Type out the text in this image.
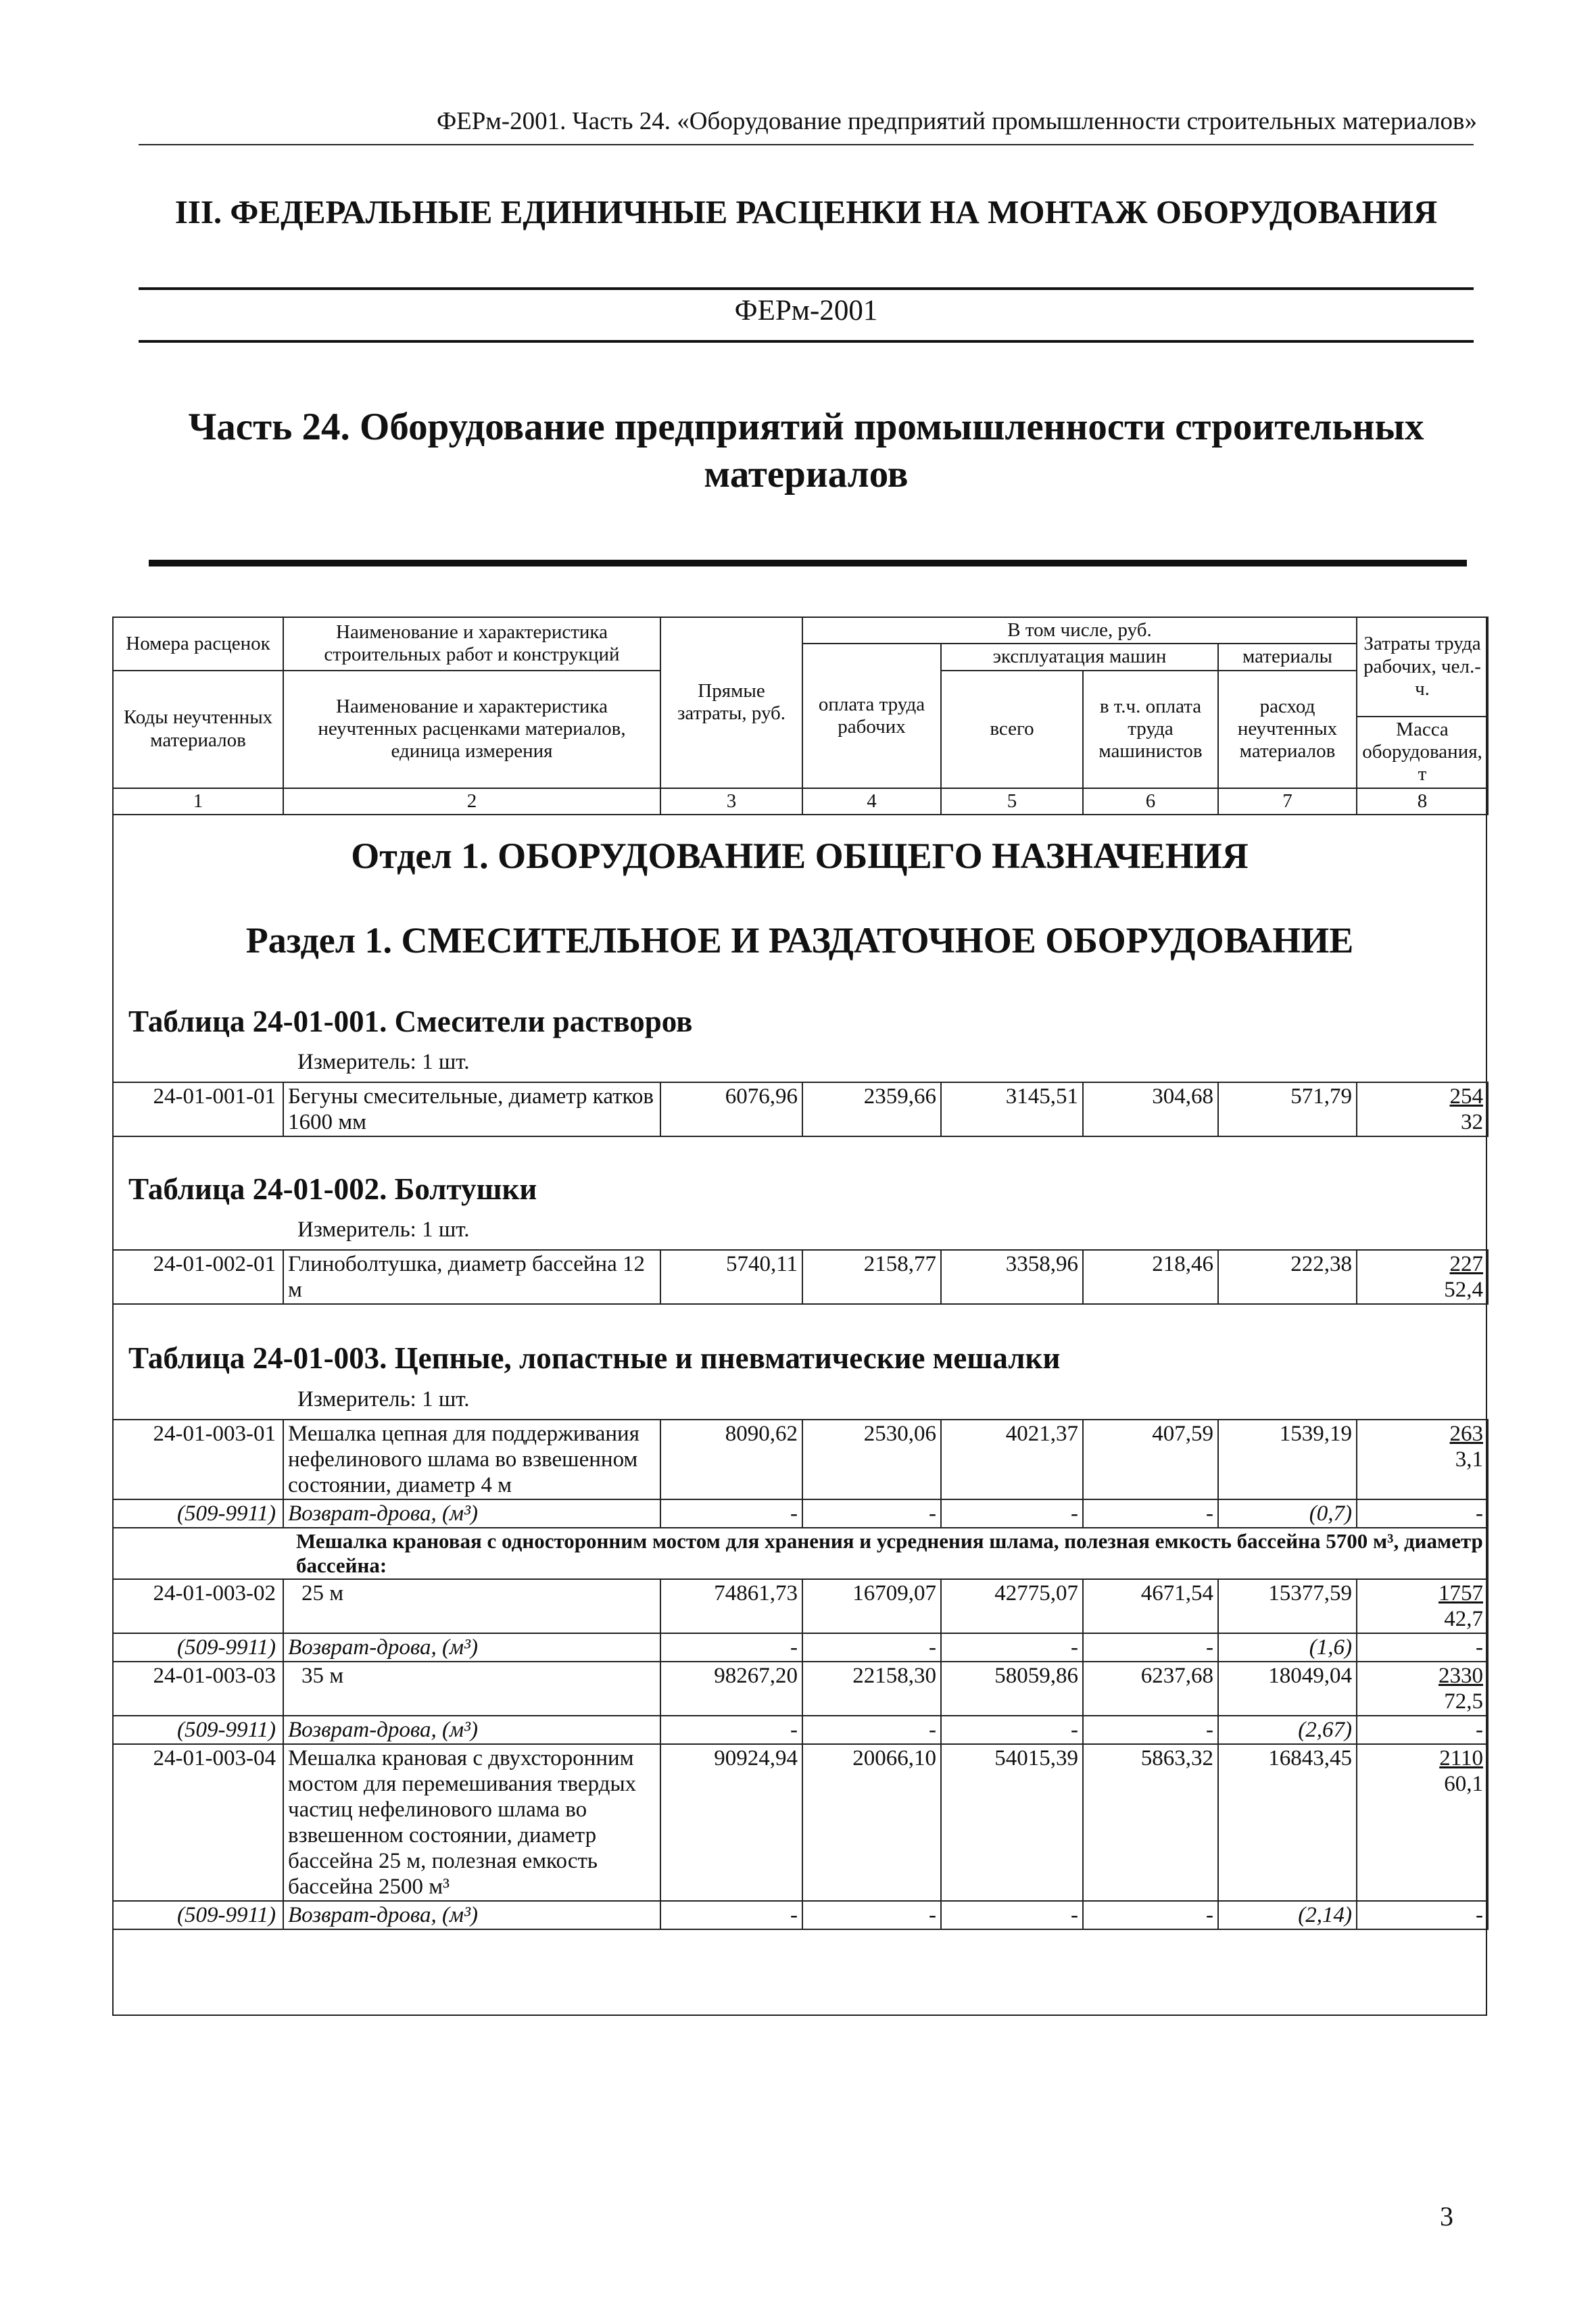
ФЕРм-2001. Часть 24. «Оборудование предприятий промышленности строительных материалов»
III. ФЕДЕРАЛЬНЫЕ ЕДИНИЧНЫЕ РАСЦЕНКИ НА МОНТАЖ ОБОРУДОВАНИЯ
ФЕРм-2001
Часть 24. Оборудование предприятий промышленности строительных
материалов
Номера расценок	Наименование и характеристика строительных работ и конструкций	Прямые затраты, руб.	В том числе, руб.				Затраты труда рабочих, чел.-ч.
			оплата труда рабочих	эксплуатация машин		материалы	
Коды неучтенных материалов	Наименование и характеристика неучтенных расценками материалов, единица измерения			всего	в т.ч. оплата труда машинистов	расход неучтенных материалов	
							Масса оборудования, т
1	2	3	4	5	6	7	8
Отдел 1. ОБОРУДОВАНИЕ ОБЩЕГО НАЗНАЧЕНИЯ
Раздел 1. СМЕСИТЕЛЬНОЕ И РАЗДАТОЧНОЕ ОБОРУДОВАНИЕ
Таблица 24-01-001. Смесители растворов
Измеритель: 1 шт.
24-01-001-01	Бегуны смесительные, диаметр катков 1600 мм	6076,96	2359,66	3145,51	304,68	571,79	254
32
Таблица 24-01-002. Болтушки
Измеритель: 1 шт.
24-01-002-01	Глиноболтушка, диаметр бассейна 12 м	5740,11	2158,77	3358,96	218,46	222,38	227
52,4
Таблица 24-01-003. Цепные, лопастные и пневматические мешалки
Измеритель: 1 шт.
24-01-003-01	Мешалка цепная для поддерживания нефелинового шлама во взвешенном состоянии, диаметр 4 м	8090,62	2530,06	4021,37	407,59	1539,19	263
3,1

(509-9911)	Возврат-дрова, (м³)	-	-	-	-	(0,7)	-
Мешалка крановая с односторонним мостом для хранения и усреднения шлама, полезная емкость бассейна 5700 м³, диаметр бассейна:							
24-01-003-02	25 м	74861,73	16709,07	42775,07	4671,54	15377,59	1757
42,7

(509-9911)	Возврат-дрова, (м³)	-	-	-	-	(1,6)	-
24-01-003-03	35 м	98267,20	22158,30	58059,86	6237,68	18049,04	2330
72,5

(509-9911)	Возврат-дрова, (м³)	-	-	-	-	(2,67)	-
24-01-003-04	Мешалка крановая с двухсторонним мостом для перемешивания твердых частиц нефелинового шлама во взвешенном состоянии, диаметр бассейна 25 м, полезная емкость бассейна 2500 м³	90924,94	20066,10	54015,39	5863,32	16843,45	2110
60,1

(509-9911)	Возврат-дрова, (м³)	-	-	-	-	(2,14)	-
3
